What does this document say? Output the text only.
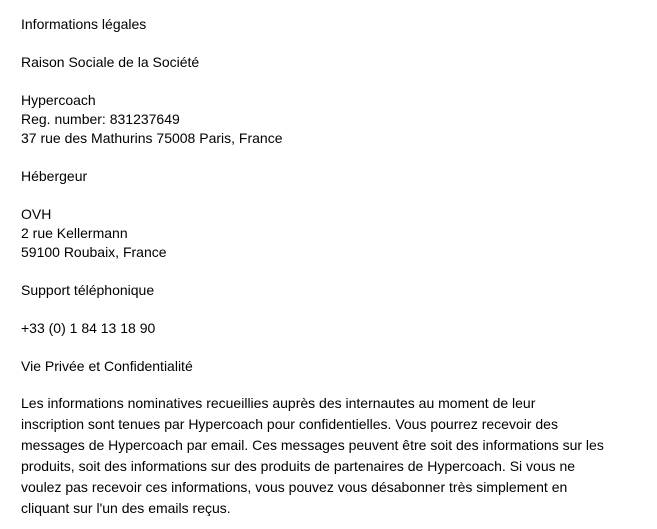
Informations légales
Raison Sociale de la Société
Hypercoach
Reg. number: 831237649
37 rue des Mathurins 75008 Paris, France
Hébergeur
OVH
2 rue Kellermann
59100 Roubaix, France
Support téléphonique
+33 (0) 1 84 13 18 90
Vie Privée et Confidentialité
Les informations nominatives recueillies auprès des internautes au moment de leur
inscription sont tenues par Hypercoach pour confidentielles. Vous pourrez recevoir des
messages de Hypercoach par email. Ces messages peuvent être soit des informations sur les
produits, soit des informations sur des produits de partenaires de Hypercoach. Si vous ne
voulez pas recevoir ces informations, vous pouvez vous désabonner très simplement en
cliquant sur l'un des emails reçus.
